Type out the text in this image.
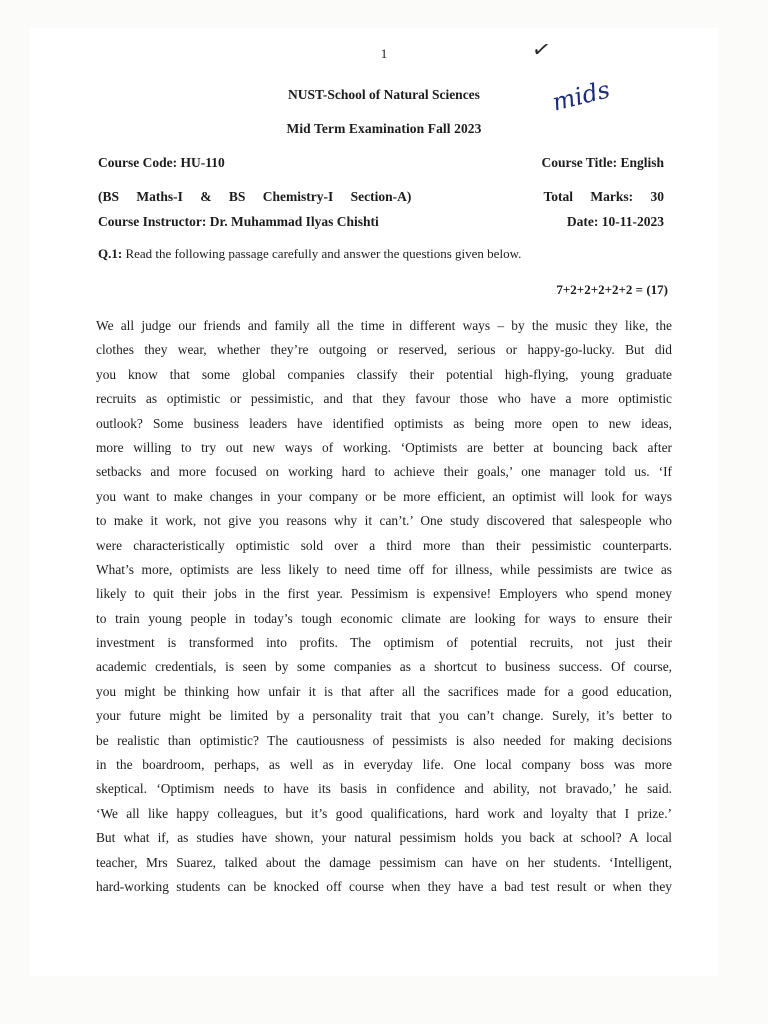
1	✓
mids
NUST-School of Natural Sciences
Mid Term Examination Fall 2023
Course Code: HU-110	Course Title: English
(BS Maths-I & BS Chemistry-I Section-A)	Total Marks: 30
Course Instructor: Dr. Muhammad Ilyas Chishti	Date: 10-11-2023
Q.1: Read the following passage carefully and answer the questions given below.
7+2+2+2+2+2 = (17)
We all judge our friends and family all the time in different ways – by the music they like, the
clothes they wear, whether they’re outgoing or reserved, serious or happy-go-lucky. But did
you know that some global companies classify their potential high-flying, young graduate
recruits as optimistic or pessimistic, and that they favour those who have a more optimistic
outlook? Some business leaders have identified optimists as being more open to new ideas,
more willing to try out new ways of working. ‘Optimists are better at bouncing back after
setbacks and more focused on working hard to achieve their goals,’ one manager told us. ‘If
you want to make changes in your company or be more efficient, an optimist will look for ways
to make it work, not give you reasons why it can’t.’ One study discovered that salespeople who
were characteristically optimistic sold over a third more than their pessimistic counterparts.
What’s more, optimists are less likely to need time off for illness, while pessimists are twice as
likely to quit their jobs in the first year. Pessimism is expensive! Employers who spend money
to train young people in today’s tough economic climate are looking for ways to ensure their
investment is transformed into profits. The optimism of potential recruits, not just their
academic credentials, is seen by some companies as a shortcut to business success. Of course,
you might be thinking how unfair it is that after all the sacrifices made for a good education,
your future might be limited by a personality trait that you can’t change. Surely, it’s better to
be realistic than optimistic? The cautiousness of pessimists is also needed for making decisions
in the boardroom, perhaps, as well as in everyday life. One local company boss was more
skeptical. ‘Optimism needs to have its basis in confidence and ability, not bravado,’ he said.
‘We all like happy colleagues, but it’s good qualifications, hard work and loyalty that I prize.’
But what if, as studies have shown, your natural pessimism holds you back at school? A local
teacher, Mrs Suarez, talked about the damage pessimism can have on her students. ‘Intelligent,
hard-working students can be knocked off course when they have a bad test result or when they
